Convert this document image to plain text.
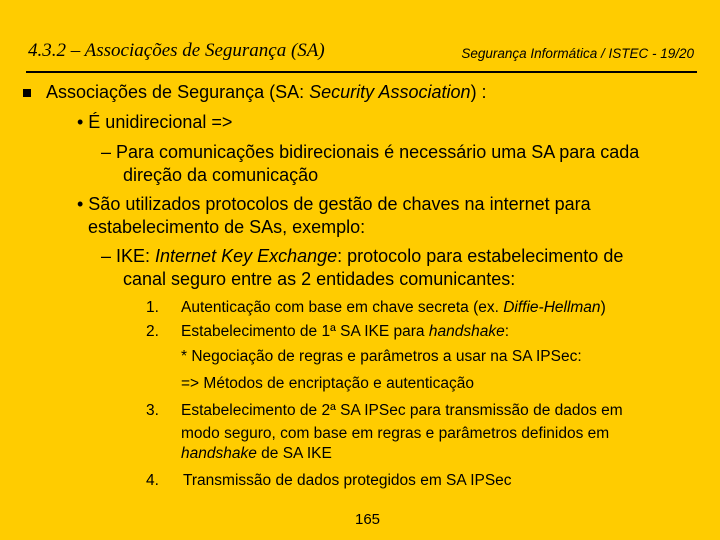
4.3.2 – Associações de Segurança (SA)	Segurança Informática / ISTEC - 19/20
Associações de Segurança (SA: Security Association) :
• É unidirecional =>
– Para comunicações bidirecionais é necessário uma SA para cada
direção da comunicação
• São utilizados protocolos de gestão de chaves na internet para
estabelecimento de SAs, exemplo:
– IKE: Internet Key Exchange: protocolo para estabelecimento de
canal seguro entre as 2 entidades comunicantes:
1. Autenticação com base em chave secreta (ex. Diffie-Hellman)
2. Estabelecimento de 1ª SA IKE para handshake:
* Negociação de regras e parâmetros a usar na SA IPSec:
=> Métodos de encriptação e autenticação
3. Estabelecimento de 2ª SA IPSec para transmissão de dados em
modo seguro, com base em regras e parâmetros definidos em
handshake de SA IKE
4. Transmissão de dados protegidos em SA IPSec
165
